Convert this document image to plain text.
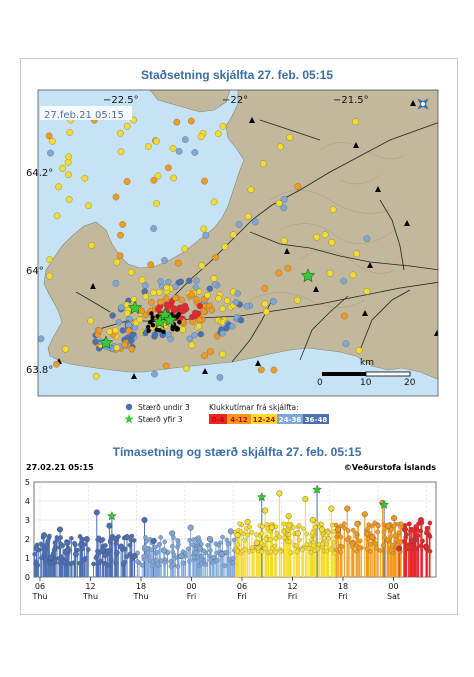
Staðsetning skjálfta 27. feb. 05:15
27.feb.21 05:15
−22.5°	−22°	−21.5°
64.2°
64°
63.8°
km
0	10	20
Stærð undir 3
Stærð yfir 3
Klukkutímar frá skjálfta:
0-4 4-12 12-24 24-36 36-48
Tímasetning og stærð skjálfta 27. feb. 05:15
27.02.21 05:15	©Veðurstofa Íslands
0
1
2
3
4
5
06
Thu
12
Thu
18
Thu
00
Fri
06
Fri
12
Fri
18
Fri
00
Sat
